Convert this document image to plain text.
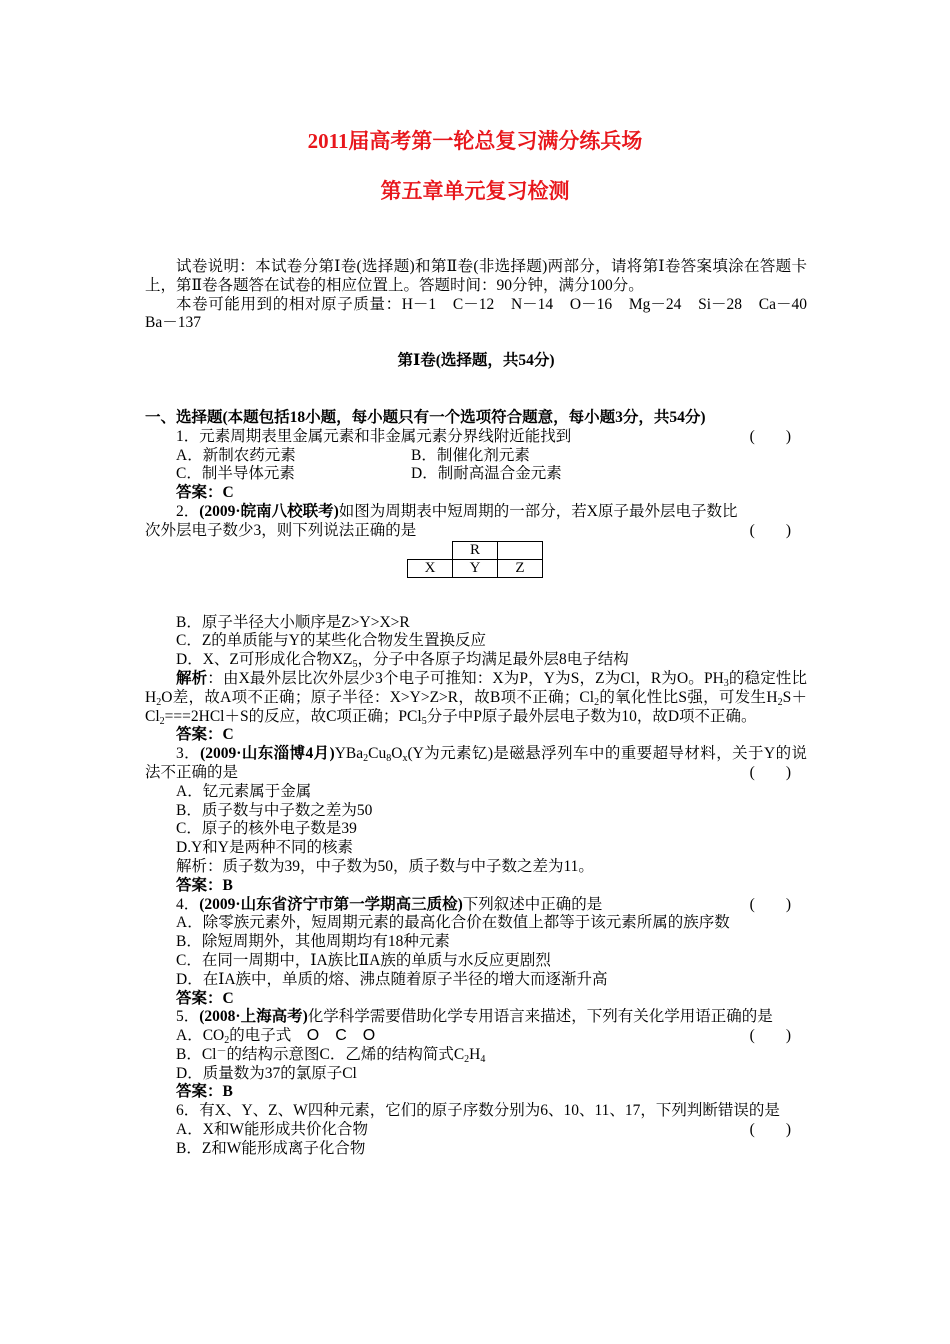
2011届高考第一轮总复习满分练兵场
第五章单元复习检测

试卷说明：本试卷分第Ⅰ卷(选择题)和第Ⅱ卷(非选择题)两部分，请将第Ⅰ卷答案填涂在答题卡上，第Ⅱ卷各题答在试卷的相应位置上。答题时间：90分钟，满分100分。

本卷可能用到的相对原子质量：H－1　C－12　N－14　O－16　Mg－24　Si－28　Ca－40　Ba－137

第Ⅰ卷(选择题，共54分)

一、选择题(本题包括18小题，每小题只有一个选项符合题意，每小题3分，共54分)

1．元素周期表里金属元素和非金属元素分界线附近能找到	(　　)
A．新制农药元素	B．制催化剂元素
C．制半导体元素	D．制耐高温合金元素

答案：C

2．(2009·皖南八校联考)如图为周期表中短周期的一部分，若X原子最外层电子数比

次外层电子数少3，则下列说法正确的是	(　　)
	R	
X	Y	Z

B．原子半径大小顺序是Z>Y>X>R

C．Z的单质能与Y的某些化合物发生置换反应

D．X、Z可形成化合物$XZ_5$，分子中各原子均满足最外层8电子结构

解析：由X最外层比次外层少3个电子可推知：X为P，Y为S，Z为Cl，R为O。$PH_3$的稳定性比$H_2O$差，故A项不正确；原子半径：X>Y>Z>R，故B项不正确；$Cl_2$的氧化性比S强，可发生$H_2S+Cl_2===2HCl+S$的反应，故C项正确；PCl$_5$分子中P原子最外层电子数为10，故D项不正确。

答案：C

3．(2009·山东淄博4月)$YBa_2Cu_8O_x(Y$为元素钇)是磁悬浮列车中的重要超导材料，关于Y的说法不正确的是	(　　)

A．钇元素属于金属

B．质子数与中子数之差为50

C．原子的核外电子数是39

D.Y和Y是两种不同的核素

解析：质子数为39，中子数为50，质子数与中子数之差为11。

答案：B

4．(2009·山东省济宁市第一学期高三质检)下列叙述中正确的是	(　　)

A．除零族元素外，短周期元素的最高化合价在数值上都等于该元素所属的族序数

B．除短周期外，其他周期均有18种元素

C．在同一周期中，ⅠA族比ⅡA族的单质与水反应更剧烈

D．在ⅠA族中，单质的熔、沸点随着原子半径的增大而逐渐升高

答案：C

5．(2008·上海高考)化学科学需要借助化学专用语言来描述，下列有关化学用语正确的是
(　　)

A．$CO_2$的电子式　 O　C　O

B．Cl－的结构示意图C．乙烯的结构简式$C_2H_4$

D．质量数为37的氯原子Cl

答案：B

6．有X、Y、Z、W四种元素，它们的原子序数分别为6、10、11、17，下列判断错误的是
(　　)

A．X和W能形成共价化合物

B．Z和W能形成离子化合物
